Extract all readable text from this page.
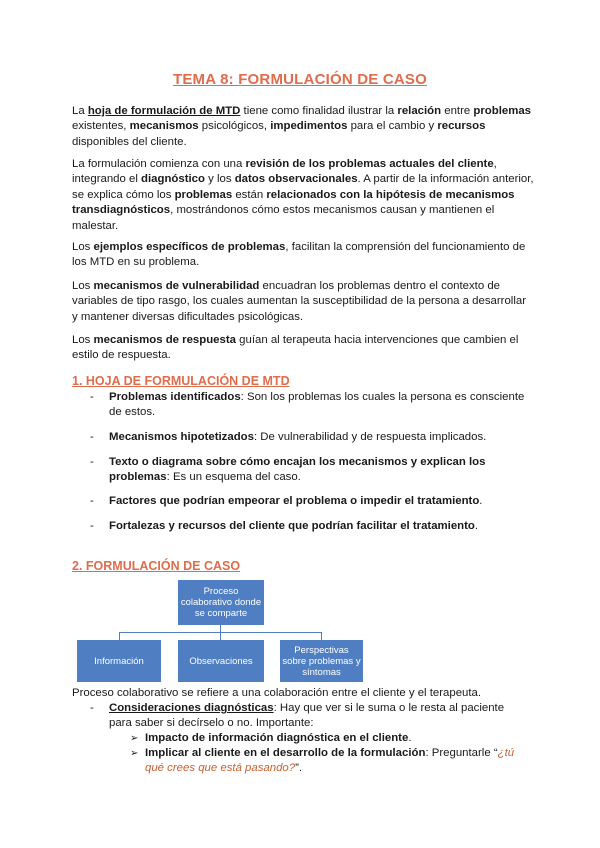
TEMA 8: FORMULACIÓN DE CASO

La hoja de formulación de MTD tiene como finalidad ilustrar la relación entre problemas existentes, mecanismos psicológicos, impedimentos para el cambio y recursos disponibles del cliente.

La formulación comienza con una revisión de los problemas actuales del cliente, integrando el diagnóstico y los datos observacionales. A partir de la información anterior, se explica cómo los problemas están relacionados con la hipótesis de mecanismos transdiagnósticos, mostrándonos cómo estos mecanismos causan y mantienen el malestar.

Los ejemplos específicos de problemas, facilitan la comprensión del funcionamiento de los MTD en su problema.

Los mecanismos de vulnerabilidad encuadran los problemas dentro el contexto de variables de tipo rasgo, los cuales aumentan la susceptibilidad de la persona a desarrollar y mantener diversas dificultades psicológicas.

Los mecanismos de respuesta guían al terapeuta hacia intervenciones que cambien el estilo de respuesta.

1. HOJA DE FORMULACIÓN DE MTD
- Problemas identificados: Son los problemas los cuales la persona es consciente de estos.
- Mecanismos hipotetizados: De vulnerabilidad y de respuesta implicados.
- Texto o diagrama sobre cómo encajan los mecanismos y explican los problemas: Es un esquema del caso.
- Factores que podrían empeorar el problema o impedir el tratamiento.
- Fortalezas y recursos del cliente que podrían facilitar el tratamiento.
2. FORMULACIÓN DE CASO
Proceso colaborativo donde se comparte
Información	Observaciones
Perspectivas sobre problemas y síntomas

Proceso colaborativo se refiere a una colaboración entre el cliente y el terapeuta.

- Consideraciones diagnósticas: Hay que ver si le suma o le resta al paciente para saber si decírselo o no. Importante:
➢ Impacto de información diagnóstica en el cliente.
➢ Implicar al cliente en el desarrollo de la formulación: Preguntarle “¿tú qué crees que está pasando?”.
